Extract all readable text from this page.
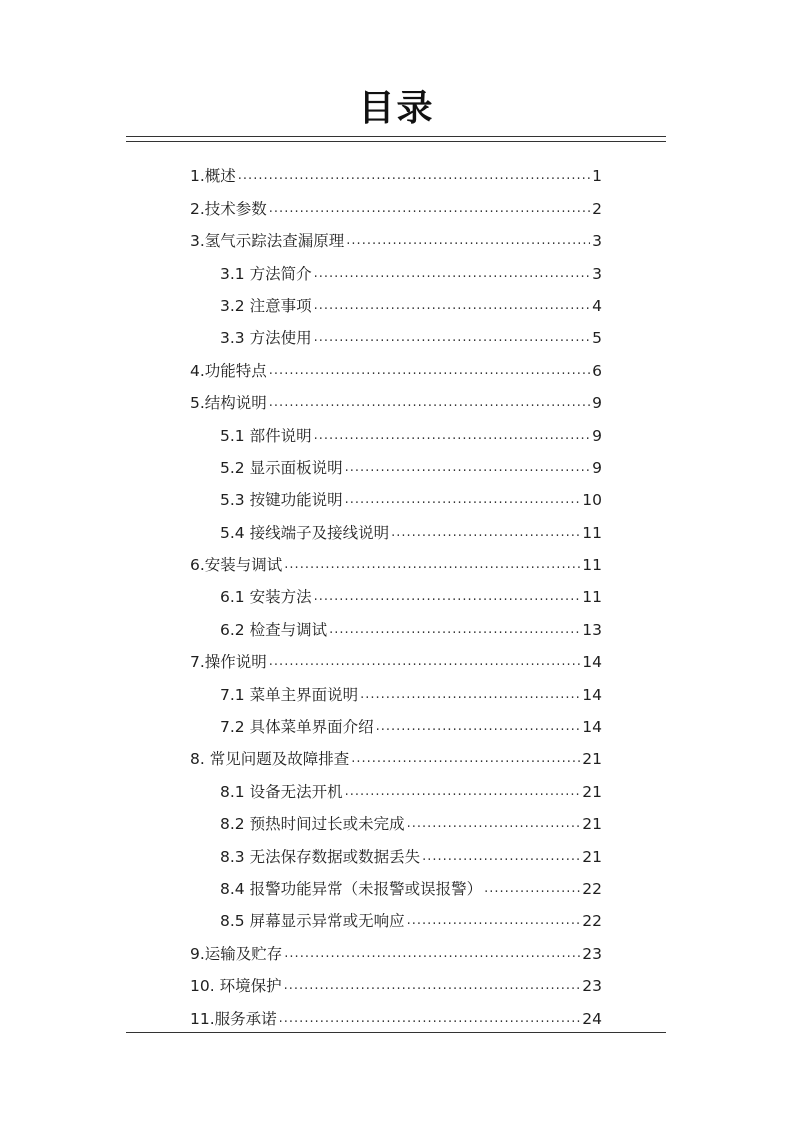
目录
1.概述 .....	1
2.技术参数 .....	2
3.氢气示踪法查漏原理 .....	3
3.1 方法简介 .....	3
3.2 注意事项 .....	4
3.3 方法使用 .....	5
4.功能特点 .....	6
5.结构说明 .....	9
5.1 部件说明 .....	9
5.2 显示面板说明 .....	9
5.3 按键功能说明 .....	10
5.4 接线端子及接线说明 .....	11
6.安装与调试 .....	11
6.1 安装方法 .....	11
6.2 检查与调试 .....	13
7.操作说明 .....	14
7.1 菜单主界面说明 .....	14
7.2 具体菜单界面介绍 .....	14
8. 常见问题及故障排查 .....	21
8.1 设备无法开机 .....	21
8.2 预热时间过长或未完成 .....	21
8.3 无法保存数据或数据丢失 .....	21
8.4 报警功能异常（未报警或误报警） .....	22
8.5 屏幕显示异常或无响应 .....	22
9.运输及贮存 .....	23
10. 环境保护 .....	23
11.服务承诺 .....	24
